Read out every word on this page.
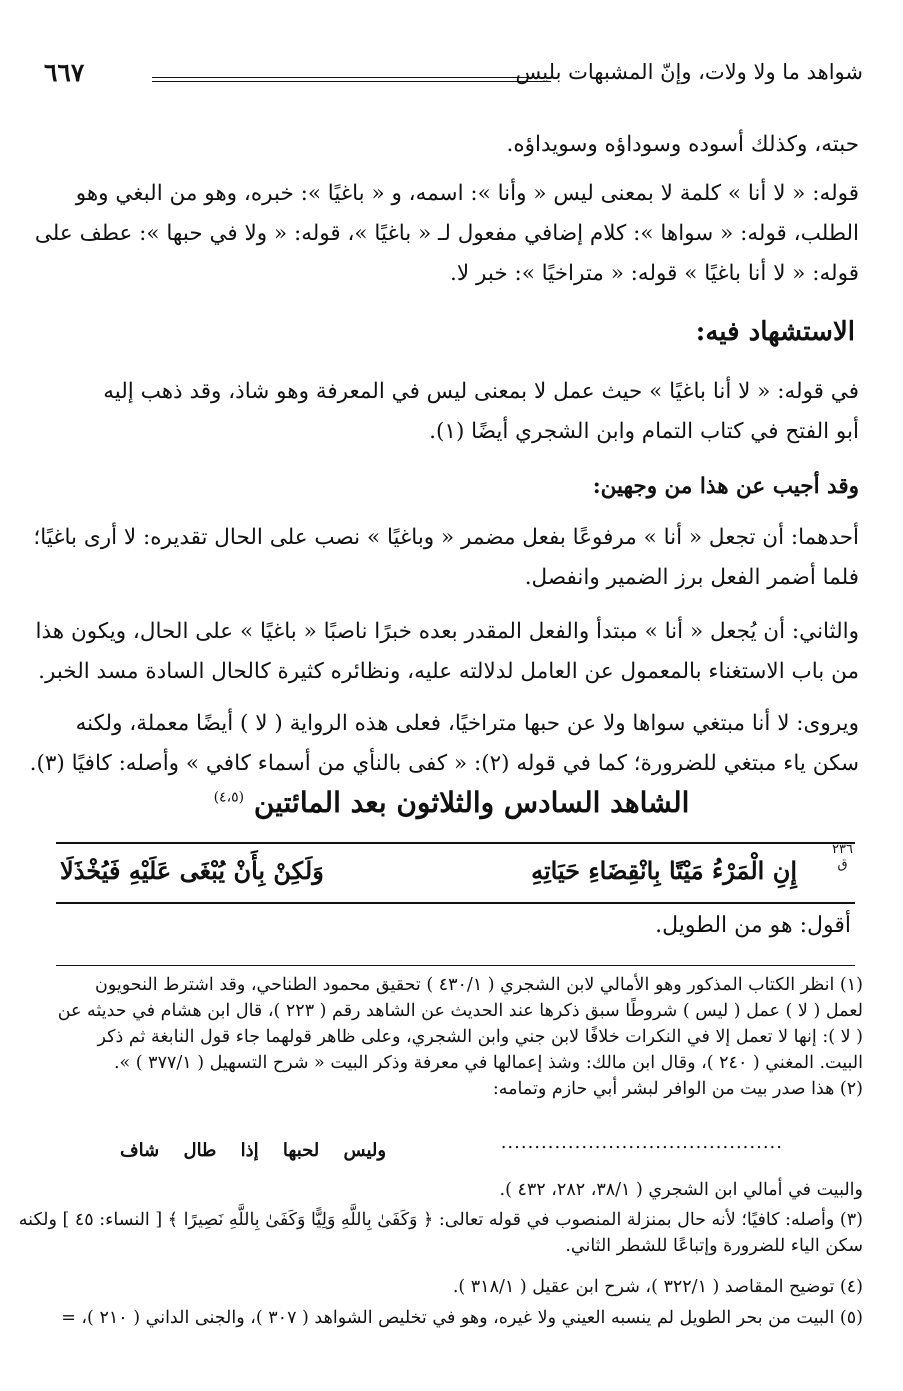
شواهد ما ولا ولات، وإنّ المشبهات بليس
٦٦٧
حبته، وكذلك أسوده وسوداؤه وسويداؤه.
قوله: « لا أنا » كلمة لا بمعنى ليس « وأنا »: اسمه، و « باغيًا »: خبره، وهو من البغي وهو
الطلب، قوله: « سواها »: كلام إضافي مفعول لـ « باغيًا »، قوله: « ولا في حبها »: عطف على
قوله: « لا أنا باغيًا » قوله: « متراخيًا »: خبر لا.
الاستشهاد فيه:
في قوله: « لا أنا باغيًا » حيث عمل لا بمعنى ليس في المعرفة وهو شاذ، وقد ذهب إليه
أبو الفتح في كتاب التمام وابن الشجري أيضًا (١).
وقد أجيب عن هذا من وجهين:
أحدهما: أن تجعل « أنا » مرفوعًا بفعل مضمر « وباغيًا » نصب على الحال تقديره: لا أرى باغيًا؛
فلما أضمر الفعل برز الضمير وانفصل.
والثاني: أن يُجعل « أنا » مبتدأ والفعل المقدر بعده خبرًا ناصبًا « باغيًا » على الحال، ويكون هذا
من باب الاستغناء بالمعمول عن العامل لدلالته عليه، ونظائره كثيرة كالحال السادة مسد الخبر.
ويروى: لا أنا مبتغي سواها ولا عن حبها متراخيًا، فعلى هذه الرواية ( لا ) أيضًا معملة، ولكنه
سكن ياء مبتغي للضرورة؛ كما في قوله (٢): « كفى بالنأي من أسماء كافي » وأصله: كافيًا (٣).
الشاهد السادس والثلاثون بعد المائتين $^{(٤،٥)}$
٢٣٦
ق
إِنِ الْمَرْءُ مَيْتًا بِانْقِضَاءِ حَيَاتِهِ
وَلَكِنْ بِأَنْ يُبْغَى عَلَيْهِ فَيُخْذَلَا
أقول: هو من الطويل.
(١) انظر الكتاب المذكور وهو الأمالي لابن الشجري ( ٤٣٠/١ ) تحقيق محمود الطناحي، وقد اشترط النحويون
لعمل ( لا ) عمل ( ليس ) شروطًا سبق ذكرها عند الحديث عن الشاهد رقم ( ٢٢٣ )، قال ابن هشام في حديثه عن
( لا ): إنها لا تعمل إلا في النكرات خلافًا لابن جني وابن الشجري، وعلى ظاهر قولهما جاء قول النابغة ثم ذكر
البيت. المغني ( ٢٤٠ )، وقال ابن مالك: وشذ إعمالها في معرفة وذكر البيت « شرح التسهيل ( ٣٧٧/١ ) ».
(٢) هذا صدر بيت من الوافر لبشر أبي حازم وتمامه:
..........................................
وليس لحبها إذا طال شاف
والبيت في أمالي ابن الشجري ( ٣٨/١، ٢٨٢، ٤٣٢ ).
(٣) وأصله: كافيًا؛ لأنه حال بمنزلة المنصوب في قوله تعالى: ﴿ وَكَفَىٰ بِاللَّهِ وَلِيًّا وَكَفَىٰ بِاللَّهِ نَصِيرًا ﴾ [ النساء: ٤٥ ] ولكنه
سكن الياء للضرورة وإتباعًا للشطر الثاني.
(٤) توضيح المقاصد ( ٣٢٢/١ )، شرح ابن عقيل ( ٣١٨/١ ).
(٥) البيت من بحر الطويل لم ينسبه العيني ولا غيره، وهو في تخليص الشواهد ( ٣٠٧ )، والجنى الداني ( ٢١٠ )، =
